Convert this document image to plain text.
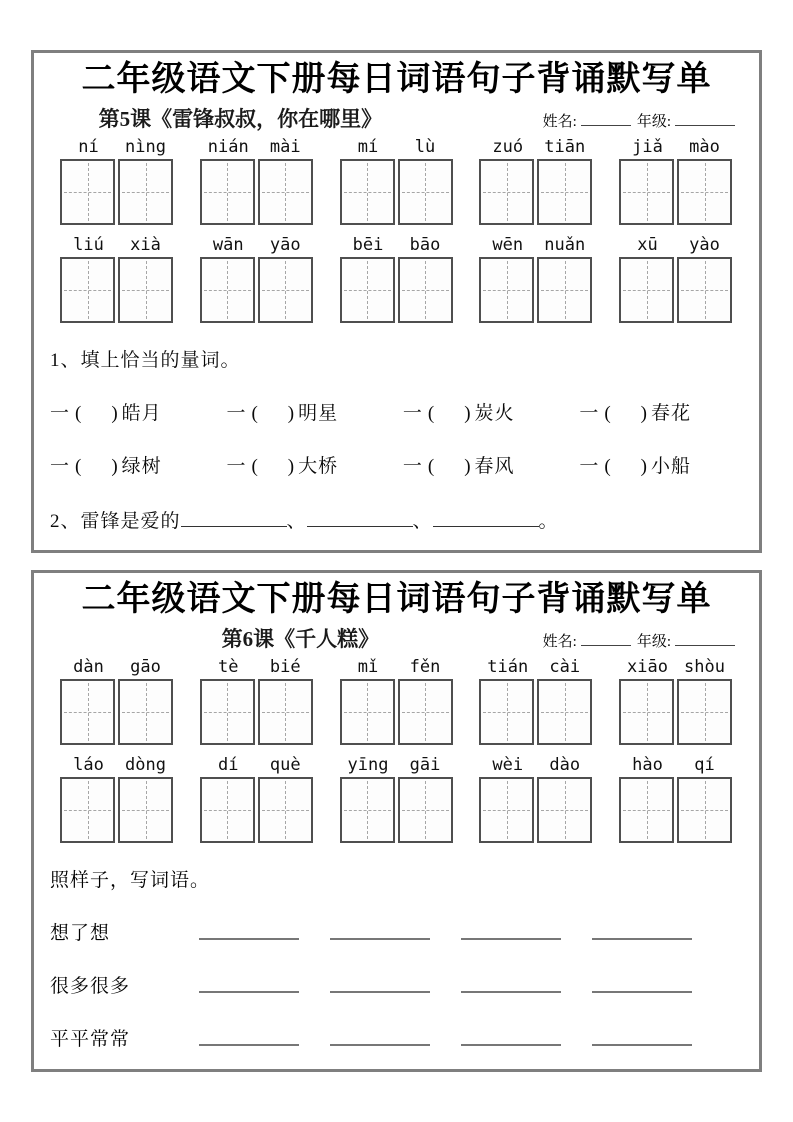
二年级语文下册每日词语句子背诵默写单
第5课《雷锋叔叔，你在哪里》	姓名:	年级:
ní	nìng	nián	mài	mí	lù	zuó	tiān	jiǎ	mào
liú	xià	wān	yāo	bēi	bāo	wēn	nuǎn	xū	yào
1、填上恰当的量词。
一 ( ) 皓月	一 ( ) 明星	一 ( ) 炭火	一 ( ) 春花
一 ( ) 绿树	一 ( ) 大桥	一 ( ) 春风	一 ( ) 小船
2、雷锋是爱的	、	、	。
二年级语文下册每日词语句子背诵默写单
第6课《千人糕》	姓名:	年级:
dàn	gāo	tè	bié	mǐ	fěn	tián	cài	xiāo shòu
láo	dòng	dí	què	yīng	gāi	wèi	dào	hào	qí
照样子，写词语。
想了想
很多很多
平平常常
